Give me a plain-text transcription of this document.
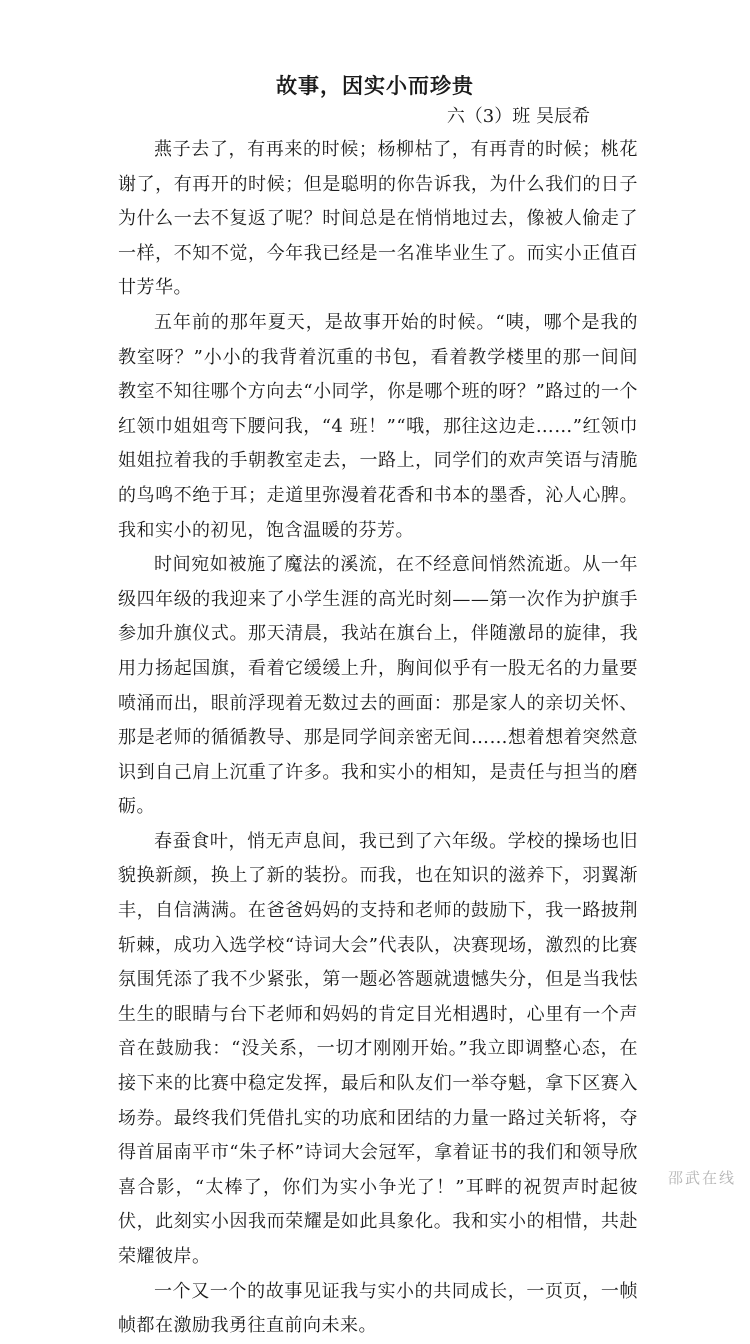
故事，因实小而珍贵
六（3）班 吴辰希

燕子去了，有再来的时候；杨柳枯了，有再青的时候；桃花谢了，有再开的时候；但是聪明的你告诉我，为什么我们的日子为什么一去不复返了呢？时间总是在悄悄地过去，像被人偷走了一样，不知不觉，今年我已经是一名准毕业生了。而实小正值百廿芳华。

五年前的那年夏天，是故事开始的时候。“咦，哪个是我的教室呀？”小小的我背着沉重的书包，看着教学楼里的那一间间教室不知往哪个方向去“小同学，你是哪个班的呀？”路过的一个红领巾姐姐弯下腰问我，“4 班！”“哦，那往这边走……”红领巾姐姐拉着我的手朝教室走去，一路上，同学们的欢声笑语与清脆的鸟鸣不绝于耳；走道里弥漫着花香和书本的墨香，沁人心脾。我和实小的初见，饱含温暖的芬芳。

时间宛如被施了魔法的溪流，在不经意间悄然流逝。从一年级四年级的我迎来了小学生涯的高光时刻——第一次作为护旗手参加升旗仪式。那天清晨，我站在旗台上，伴随激昂的旋律，我用力扬起国旗，看着它缓缓上升，胸间似乎有一股无名的力量要喷涌而出，眼前浮现着无数过去的画面：那是家人的亲切关怀、那是老师的循循教导、那是同学间亲密无间……想着想着突然意识到自己肩上沉重了许多。我和实小的相知，是责任与担当的磨砺。

春蚕食叶，悄无声息间，我已到了六年级。学校的操场也旧貌换新颜，换上了新的装扮。而我，也在知识的滋养下，羽翼渐丰，自信满满。在爸爸妈妈的支持和老师的鼓励下，我一路披荆斩棘，成功入选学校“诗词大会”代表队，决赛现场，激烈的比赛氛围凭添了我不少紧张，第一题必答题就遗憾失分，但是当我怯生生的眼睛与台下老师和妈妈的肯定目光相遇时，心里有一个声音在鼓励我：“没关系，一切才刚刚开始。”我立即调整心态，在接下来的比赛中稳定发挥，最后和队友们一举夺魁，拿下区赛入场券。最终我们凭借扎实的功底和团结的力量一路过关斩将，夺得首届南平市“朱子杯”诗词大会冠军，拿着证书的我们和领导欣喜合影，“太棒了，你们为实小争光了！”耳畔的祝贺声时起彼伏，此刻实小因我而荣耀是如此具象化。我和实小的相惜，共赴荣耀彼岸。

一个又一个的故事见证我与实小的共同成长，一页页，一帧帧都在激励我勇往直前向未来。

邵武在线
